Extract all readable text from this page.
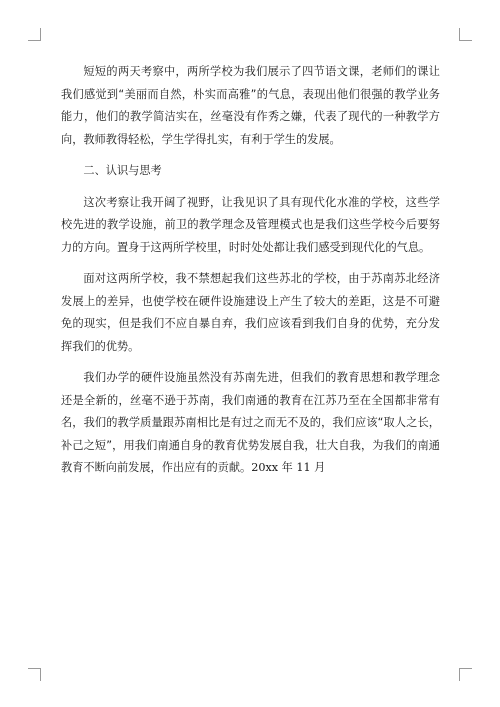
短短的两天考察中，两所学校为我们展示了四节语文课，老师们的课让我们感觉到“美丽而自然，朴实而高雅”的气息，表现出他们很强的教学业务能力，他们的教学简洁实在，丝毫没有作秀之嫌，代表了现代的一种教学方向，教师教得轻松，学生学得扎实，有利于学生的发展。

二、认识与思考

这次考察让我开阔了视野，让我见识了具有现代化水准的学校，这些学校先进的教学设施，前卫的教学理念及管理模式也是我们这些学校今后要努力的方向。置身于这两所学校里，时时处处都让我们感受到现代化的气息。

面对这两所学校，我不禁想起我们这些苏北的学校，由于苏南苏北经济发展上的差异，也使学校在硬件设施建设上产生了较大的差距，这是不可避免的现实，但是我们不应自暴自弃，我们应该看到我们自身的优势，充分发挥我们的优势。

我们办学的硬件设施虽然没有苏南先进，但我们的教育思想和教学理念还是全新的，丝毫不逊于苏南，我们南通的教育在江苏乃至在全国都非常有名，我们的教学质量跟苏南相比是有过之而无不及的，我们应该“取人之长，补己之短”，用我们南通自身的教育优势发展自我，壮大自我，为我们的南通教育不断向前发展，作出应有的贡献。20xx 年 11 月
